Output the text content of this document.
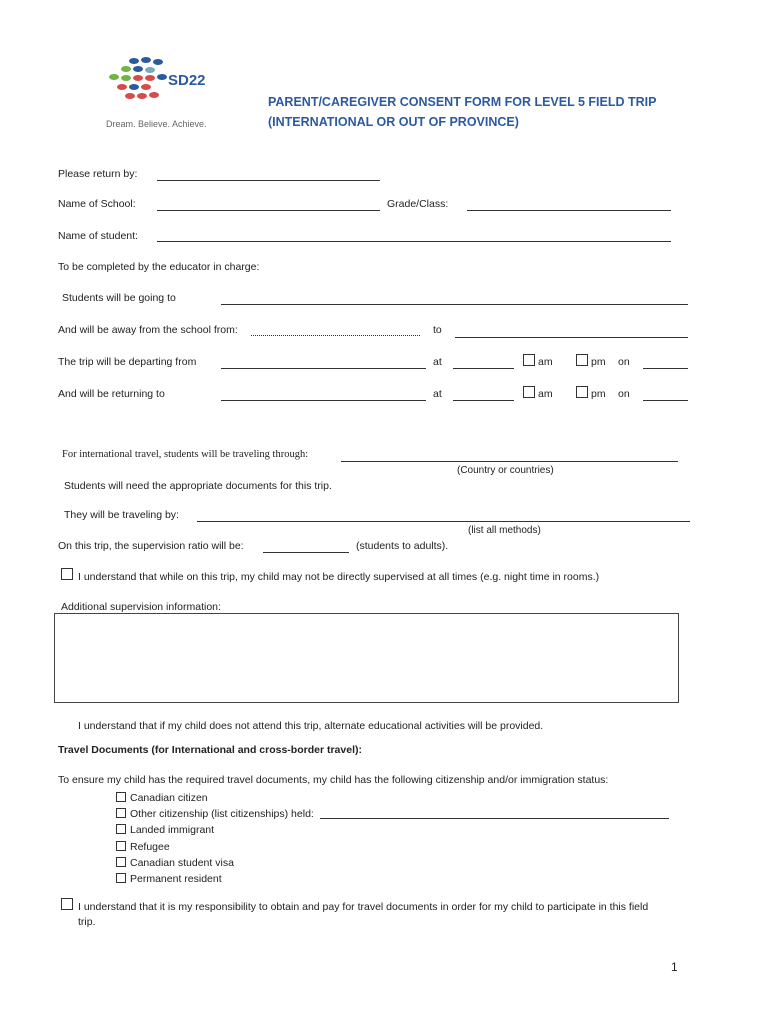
SD22
Dream. Believe. Achieve.
PARENT/CAREGIVER CONSENT FORM FOR LEVEL 5 FIELD TRIP
(INTERNATIONAL OR OUT OF PROVINCE)
Please return by:
Name of School:	Grade/Class:
Name of student:
To be completed by the educator in charge:
Students will be going to
And will be away from the school from:	to
The trip will be departing from	at	am	pm on
And will be returning to	at	am	pm on
For international travel, students will be traveling through:
(Country or countries)
Students will need the appropriate documents for this trip.
They will be traveling by:
(list all methods)
On this trip, the supervision ratio will be:	(students to adults).
I understand that while on this trip, my child may not be directly supervised at all times (e.g. night time in rooms.)
Additional supervision information:
I understand that if my child does not attend this trip, alternate educational activities will be provided.
Travel Documents (for International and cross-border travel):
To ensure my child has the required travel documents, my child has the following citizenship and/or immigration status:
Canadian citizen
Other citizenship (list citizenships) held:
Landed immigrant
Refugee
Canadian student visa
Permanent resident
I understand that it is my responsibility to obtain and pay for travel documents in order for my child to participate in this field
trip.
1
